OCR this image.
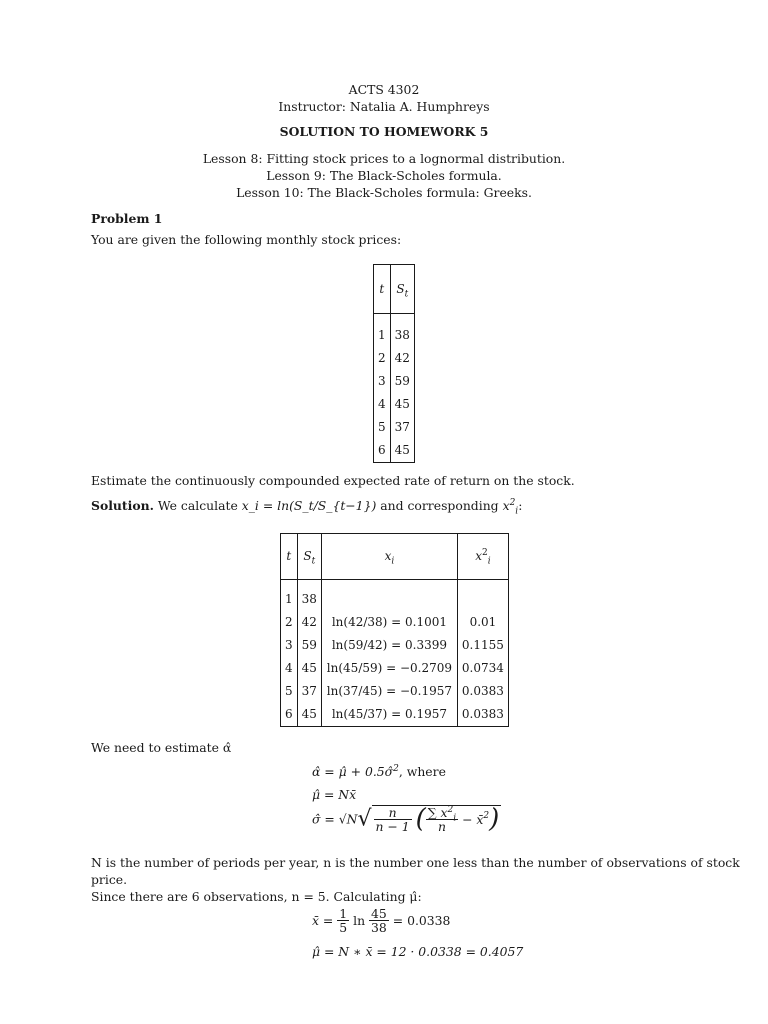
ACTS 4302
Instructor: Natalia A. Humphreys
SOLUTION TO HOMEWORK 5
Lesson 8: Fitting stock prices to a lognormal distribution.
Lesson 9: The Black-Scholes formula.
Lesson 10: The Black-Scholes formula: Greeks.
Problem 1
You are given the following monthly stock prices:
t	$S_t$
1	38
2	42
3	59
4	45
5	37
6	45
Estimate the continuously compounded expected rate of return on the stock.
Solution. We calculate x_i = ln(S_t/S_{t−1}) and corresponding $x^2_i$:
t	$S_t$	$x_i$	$x^2_i$
1	38		
2	42	ln(42/38) = 0.1001	0.01
3	59	ln(59/42) = 0.3399	0.1155
4	45	ln(45/59) = −0.2709	0.0734
5	37	ln(37/45) = −0.1957	0.0383
6	45	ln(45/37) = 0.1957	0.0383
We need to estimate α̂
α̂ = μ̂ + 0.5σ̂$^2$, where
μ̂ = Nx̄
σ̂ = $√N√ \frac{n}{n - 1}$ ( $\frac{\sum x^2_i}{n}$ − x̄$^2$)
N is the number of periods per year, n is the number one less than the number of observations of stock
price.
Since there are 6 observations, n = 5. Calculating μ̂:
x̄ = $\frac{1}{5}$ $\ln \frac{45}{38} = 0.0338$
μ̂ = N ∗ x̄ = 12 · 0.0338 = 0.4057
